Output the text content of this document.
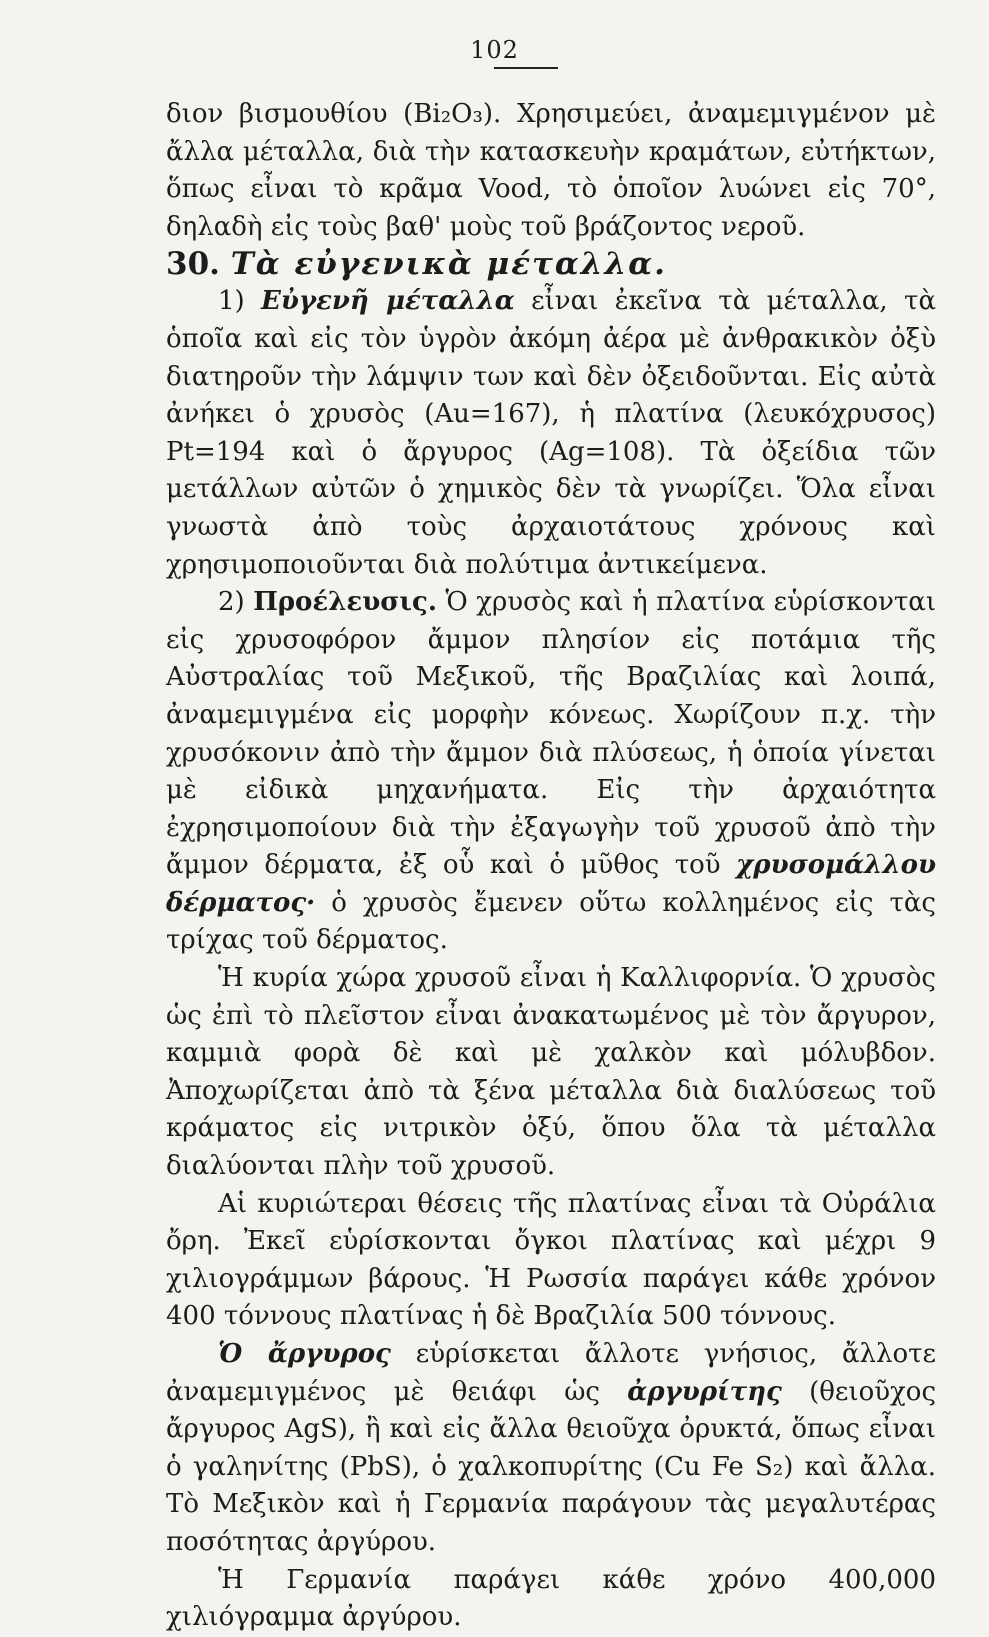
102

διον βισμουθίου (Bi₂O₃). Χρησιμεύει, ἀναμεμιγμένον μὲ ἄλλα μέταλλα, διὰ τὴν κατασκευὴν κραμάτων, εὐτήκτων, ὅπως εἶναι τὸ κρᾶμα Vood, τὸ ὁποῖον λυώνει εἰς 70°, δηλαδὴ εἰς τοὺς βαθ' μοὺς τοῦ βράζοντος νεροῦ.

30. Τὰ εὐγενικὰ μέταλλα.

1) Εὐγενῆ μέταλλα εἶναι ἐκεῖνα τὰ μέταλλα, τὰ ὁποῖα καὶ εἰς τὸν ὑγρὸν ἀκόμη ἀέρα μὲ ἀνθρακικὸν ὀξὺ διατηροῦν τὴν λάμψιν των καὶ δὲν ὀξειδοῦνται. Εἰς αὐτὰ ἀνήκει ὁ χρυσὸς (Au=167), ἡ πλατίνα (λευκόχρυσος) Pt=194 καὶ ὁ ἄργυρος (Ag=108). Τὰ ὀξείδια τῶν μετάλλων αὐτῶν ὁ χημικὸς δὲν τὰ γνωρίζει. Ὅλα εἶναι γνωστὰ ἀπὸ τοὺς ἀρχαιοτάτους χρόνους καὶ χρησιμοποιοῦνται διὰ πολύτιμα ἀντικείμενα.

2) Προέλευσις. Ὁ χρυσὸς καὶ ἡ πλατίνα εὑρίσκονται εἰς χρυσοφόρον ἄμμον πλησίον εἰς ποτάμια τῆς Αὐστραλίας τοῦ Μεξικοῦ, τῆς Βραζιλίας καὶ λοιπά, ἀναμεμιγμένα εἰς μορφὴν κόνεως. Χωρίζουν π.χ. τὴν χρυσόκονιν ἀπὸ τὴν ἄμμον διὰ πλύσεως, ἡ ὁποία γίνεται μὲ εἰδικὰ μηχανήματα. Εἰς τὴν ἀρχαιότητα ἐχρησιμοποίουν διὰ τὴν ἐξαγωγὴν τοῦ χρυσοῦ ἀπὸ τὴν ἄμμον δέρματα, ἐξ οὗ καὶ ὁ μῦθος τοῦ χρυσομάλλου δέρματος· ὁ χρυσὸς ἔμενεν οὕτω κολλημένος εἰς τὰς τρίχας τοῦ δέρματος.

Ἡ κυρία χώρα χρυσοῦ εἶναι ἡ Καλλιφορνία. Ὁ χρυσὸς ὡς ἐπὶ τὸ πλεῖστον εἶναι ἀνακατωμένος μὲ τὸν ἄργυρον, καμμιὰ φορὰ δὲ καὶ μὲ χαλκὸν καὶ μόλυβδον. Ἀποχωρίζεται ἀπὸ τὰ ξένα μέταλλα διὰ διαλύσεως τοῦ κράματος εἰς νιτρικὸν ὀξύ, ὅπου ὅλα τὰ μέταλλα διαλύονται πλὴν τοῦ χρυσοῦ.

Αἱ κυριώτεραι θέσεις τῆς πλατίνας εἶναι τὰ Οὐράλια ὄρη. Ἐκεῖ εὑρίσκονται ὄγκοι πλατίνας καὶ μέχρι 9 χιλιογράμμων βάρους. Ἡ Ρωσσία παράγει κάθε χρόνον 400 τόννους πλατίνας ἡ δὲ Βραζιλία 500 τόννους.

Ὁ ἄργυρος εὑρίσκεται ἄλλοτε γνήσιος, ἄλλοτε ἀναμεμιγμένος μὲ θειάφι ὡς ἀργυρίτης (θειοῦχος ἄργυρος AgS), ἢ καὶ εἰς ἄλλα θειοῦχα ὀρυκτά, ὅπως εἶναι ὁ γαληνίτης (PbS), ὁ χαλκοπυρίτης (Cu Fe S₂) καὶ ἄλλα. Τὸ Μεξικὸν καὶ ἡ Γερμανία παράγουν τὰς μεγαλυτέρας ποσότητας ἀργύρου.

Ἡ Γερμανία παράγει κάθε χρόνο 400,000 χιλιόγραμμα ἀργύρου.
